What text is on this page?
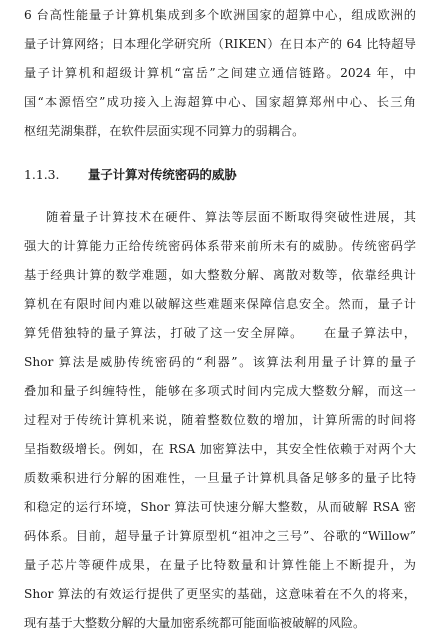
6 台高性能量子计算机集成到多个欧洲国家的超算中心，组成欧洲的
量子计算网络；日本理化学研究所（RIKEN）在日本产的 64 比特超导
量子计算机和超级计算机“富岳”之间建立通信链路。2024 年，中
国“本源悟空”成功接入上海超算中心、国家超算郑州中心、长三角
枢纽芜湖集群，在软件层面实现不同算力的弱耦合。
1.1.3. 量子计算对传统密码的威胁
随着量子计算技术在硬件、算法等层面不断取得突破性进展，其
强大的计算能力正给传统密码体系带来前所未有的威胁。传统密码学
基于经典计算的数学难题，如大整数分解、离散对数等，依靠经典计
算机在有限时间内难以破解这些难题来保障信息安全。然而，量子计
算凭借独特的量子算法，打破了这一安全屏障。　　在量子算法中，
Shor 算法是威胁传统密码的“利器”。该算法利用量子计算的量子
叠加和量子纠缠特性，能够在多项式时间内完成大整数分解，而这一
过程对于传统计算机来说，随着整数位数的增加，计算所需的时间将
呈指数级增长。例如，在 RSA 加密算法中，其安全性依赖于对两个大
质数乘积进行分解的困难性，一旦量子计算机具备足够多的量子比特
和稳定的运行环境，Shor 算法可快速分解大整数，从而破解 RSA 密
码体系。目前，超导量子计算原型机“祖冲之三号”、谷歌的“Willow”
量子芯片等硬件成果，在量子比特数量和计算性能上不断提升，为
Shor 算法的有效运行提供了更坚实的基础，这意味着在不久的将来，
现有基于大整数分解的大量加密系统都可能面临被破解的风险。
